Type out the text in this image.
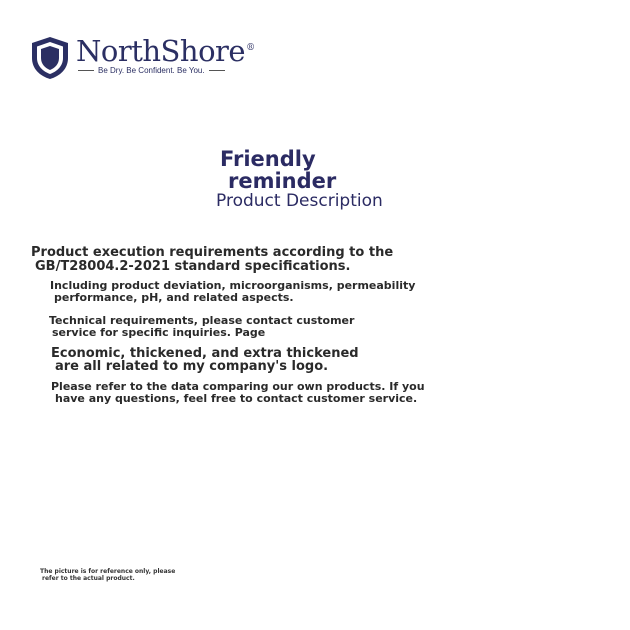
NorthShore®
Be Dry. Be Confident. Be You.
Friendly
reminder
Product Description
Product execution requirements according to the
GB/T28004.2-2021 standard specifications.
Including product deviation, microorganisms, permeability
performance, pH, and related aspects.
Technical requirements, please contact customer
service for specific inquiries. Page
Economic, thickened, and extra thickened
are all related to my company's logo.
Please refer to the data comparing our own products. If you
have any questions, feel free to contact customer service.
The picture is for reference only, please
refer to the actual product.
